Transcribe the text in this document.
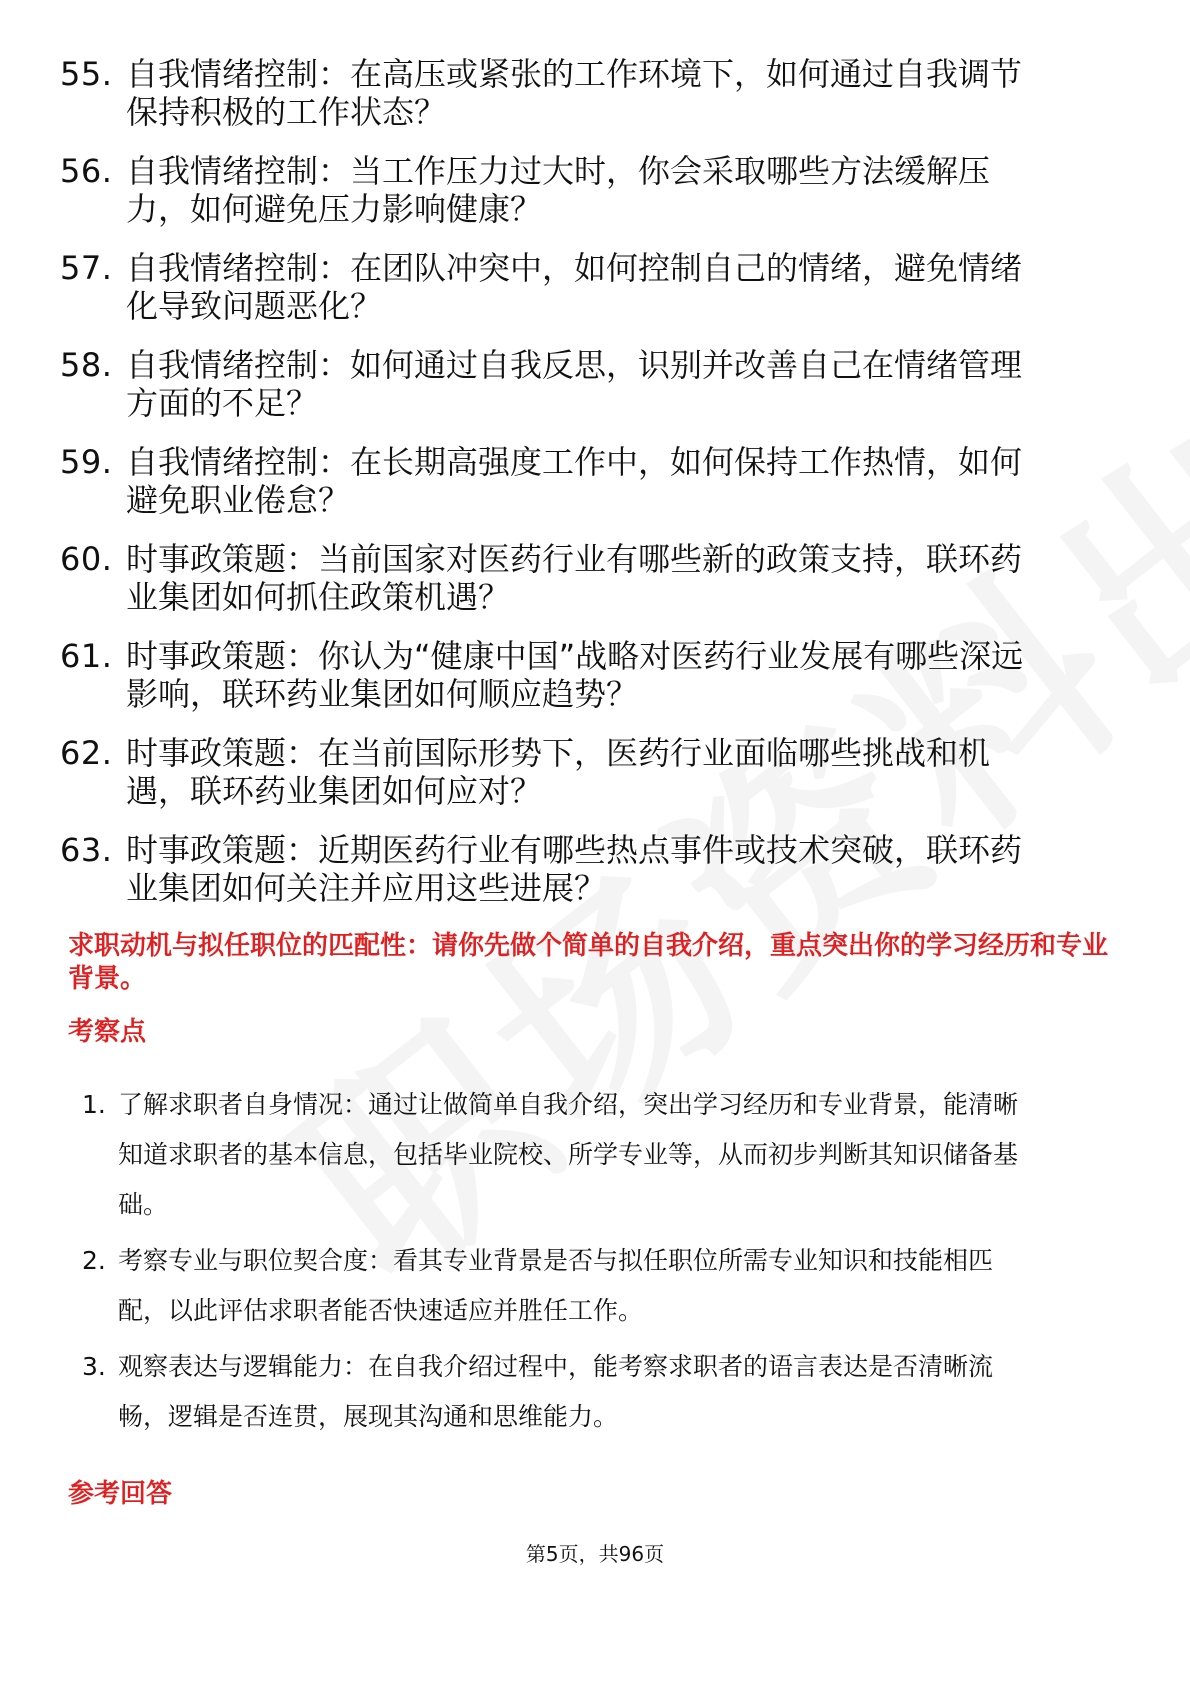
55. 自我情绪控制：在高压或紧张的工作环境下，如何通过自我调节保持积极的工作状态？
56. 自我情绪控制：当工作压力过大时，你会采取哪些方法缓解压力，如何避免压力影响健康？
57. 自我情绪控制：在团队冲突中，如何控制自己的情绪，避免情绪化导致问题恶化？
58. 自我情绪控制：如何通过自我反思，识别并改善自己在情绪管理方面的不足？
59. 自我情绪控制：在长期高强度工作中，如何保持工作热情，如何避免职业倦怠？
60. 时事政策题：当前国家对医药行业有哪些新的政策支持，联环药业集团如何抓住政策机遇？
61. 时事政策题：你认为“健康中国”战略对医药行业发展有哪些深远影响，联环药业集团如何顺应趋势？
62. 时事政策题：在当前国际形势下，医药行业面临哪些挑战和机遇，联环药业集团如何应对？
63. 时事政策题：近期医药行业有哪些热点事件或技术突破，联环药业集团如何关注并应用这些进展？
求职动机与拟任职位的匹配性：请你先做个简单的自我介绍，重点突出你的学习经历和专业背景。
考察点
1. 了解求职者自身情况：通过让做简单自我介绍，突出学习经历和专业背景，能清晰知道求职者的基本信息，包括毕业院校、所学专业等，从而初步判断其知识储备基础。
2. 考察专业与职位契合度：看其专业背景是否与拟任职位所需专业知识和技能相匹配，以此评估求职者能否快速适应并胜任工作。
3. 观察表达与逻辑能力：在自我介绍过程中，能考察求职者的语言表达是否清晰流畅，逻辑是否连贯，展现其沟通和思维能力。
参考回答
第5页，共96页
